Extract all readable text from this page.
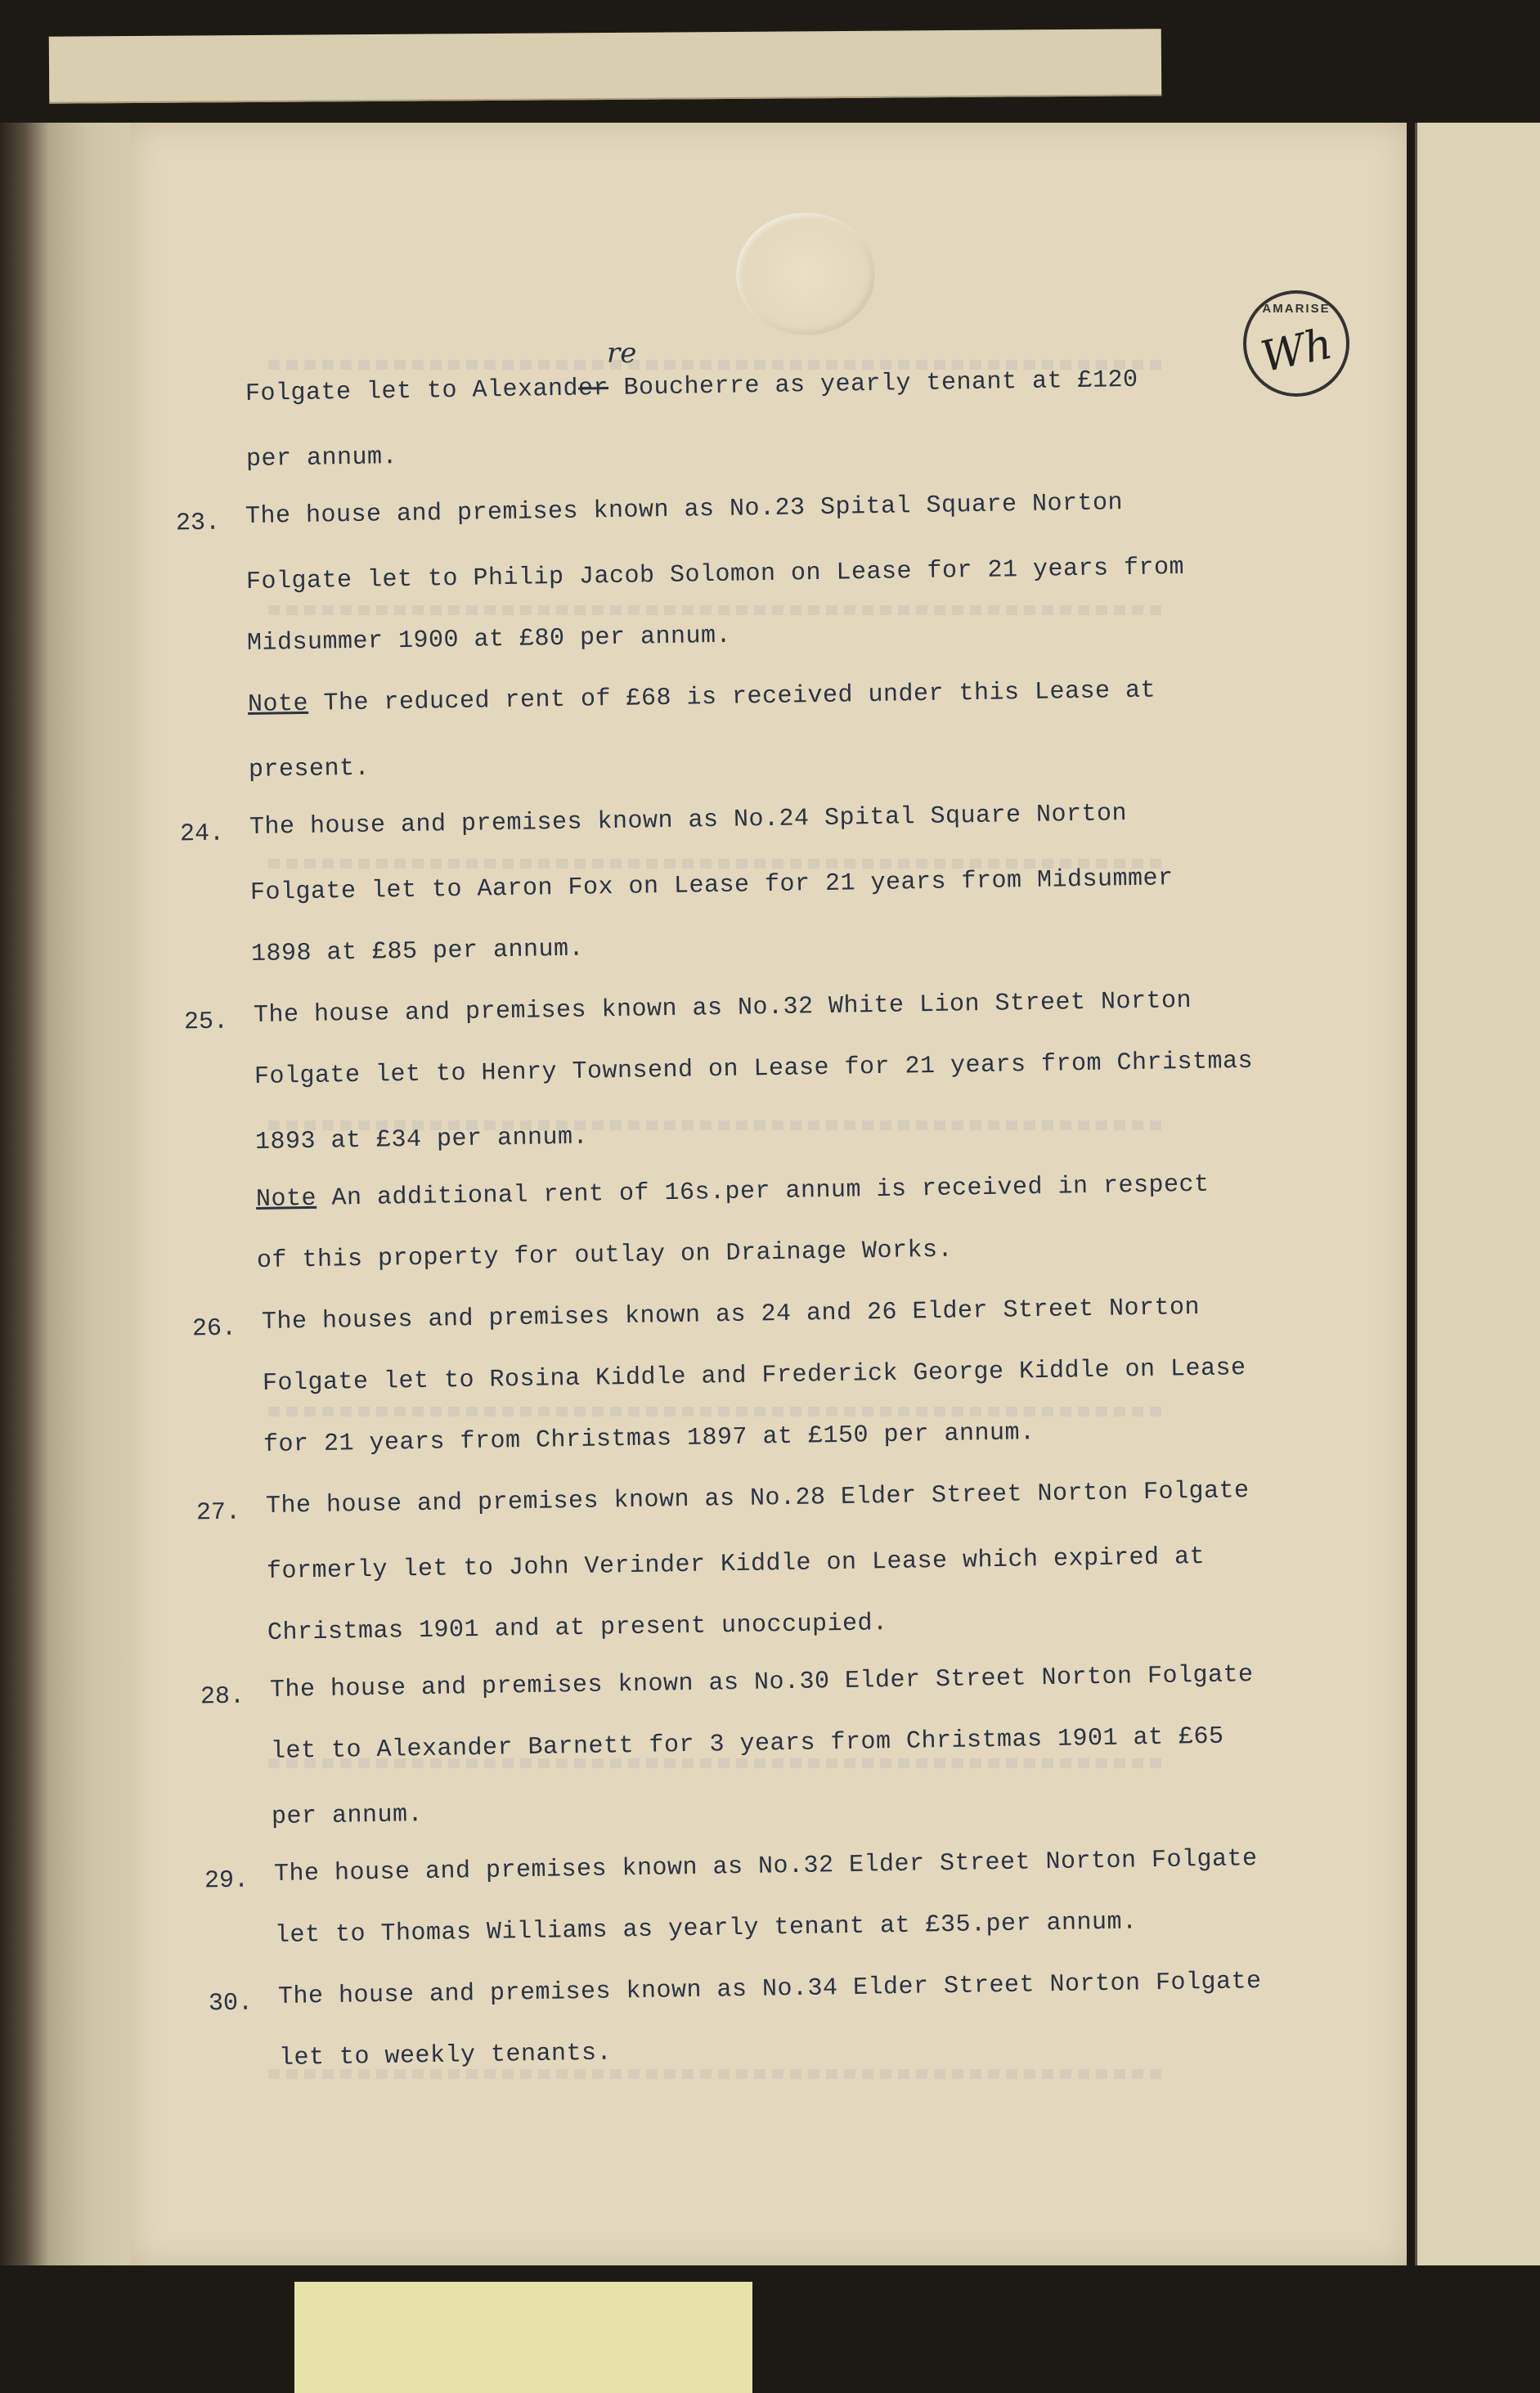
AMARISE
Wh
re
Folgate let to Alexander Boucherre as yearly tenant at £120
per annum.
23. The house and premises known as No.23 Spital Square Norton
Folgate let to Philip Jacob Solomon on Lease for 21 years from
Midsummer 1900 at £80 per annum.
Note The reduced rent of £68 is received under this Lease at
present.
24. The house and premises known as No.24 Spital Square Norton
Folgate let to Aaron Fox on Lease for 21 years from Midsummer
1898 at £85 per annum.
25. The house and premises known as No.32 White Lion Street Norton
Folgate let to Henry Townsend on Lease for 21 years from Christmas
1893 at £34 per annum.
Note An additional rent of 16s.per annum is received in respect
of this property for outlay on Drainage Works.
26. The houses and premises known as 24 and 26 Elder Street Norton
Folgate let to Rosina Kiddle and Frederick George Kiddle on Lease
for 21 years from Christmas 1897 at £150 per annum.
27. The house and premises known as No.28 Elder Street Norton Folgate
formerly let to John Verinder Kiddle on Lease which expired at
Christmas 1901 and at present unoccupied.
28. The house and premises known as No.30 Elder Street Norton Folgate
let to Alexander Barnett for 3 years from Christmas 1901 at £65
per annum.
29. The house and premises known as No.32 Elder Street Norton Folgate
let to Thomas Williams as yearly tenant at £35.per annum.
30. The house and premises known as No.34 Elder Street Norton Folgate
let to weekly tenants.
